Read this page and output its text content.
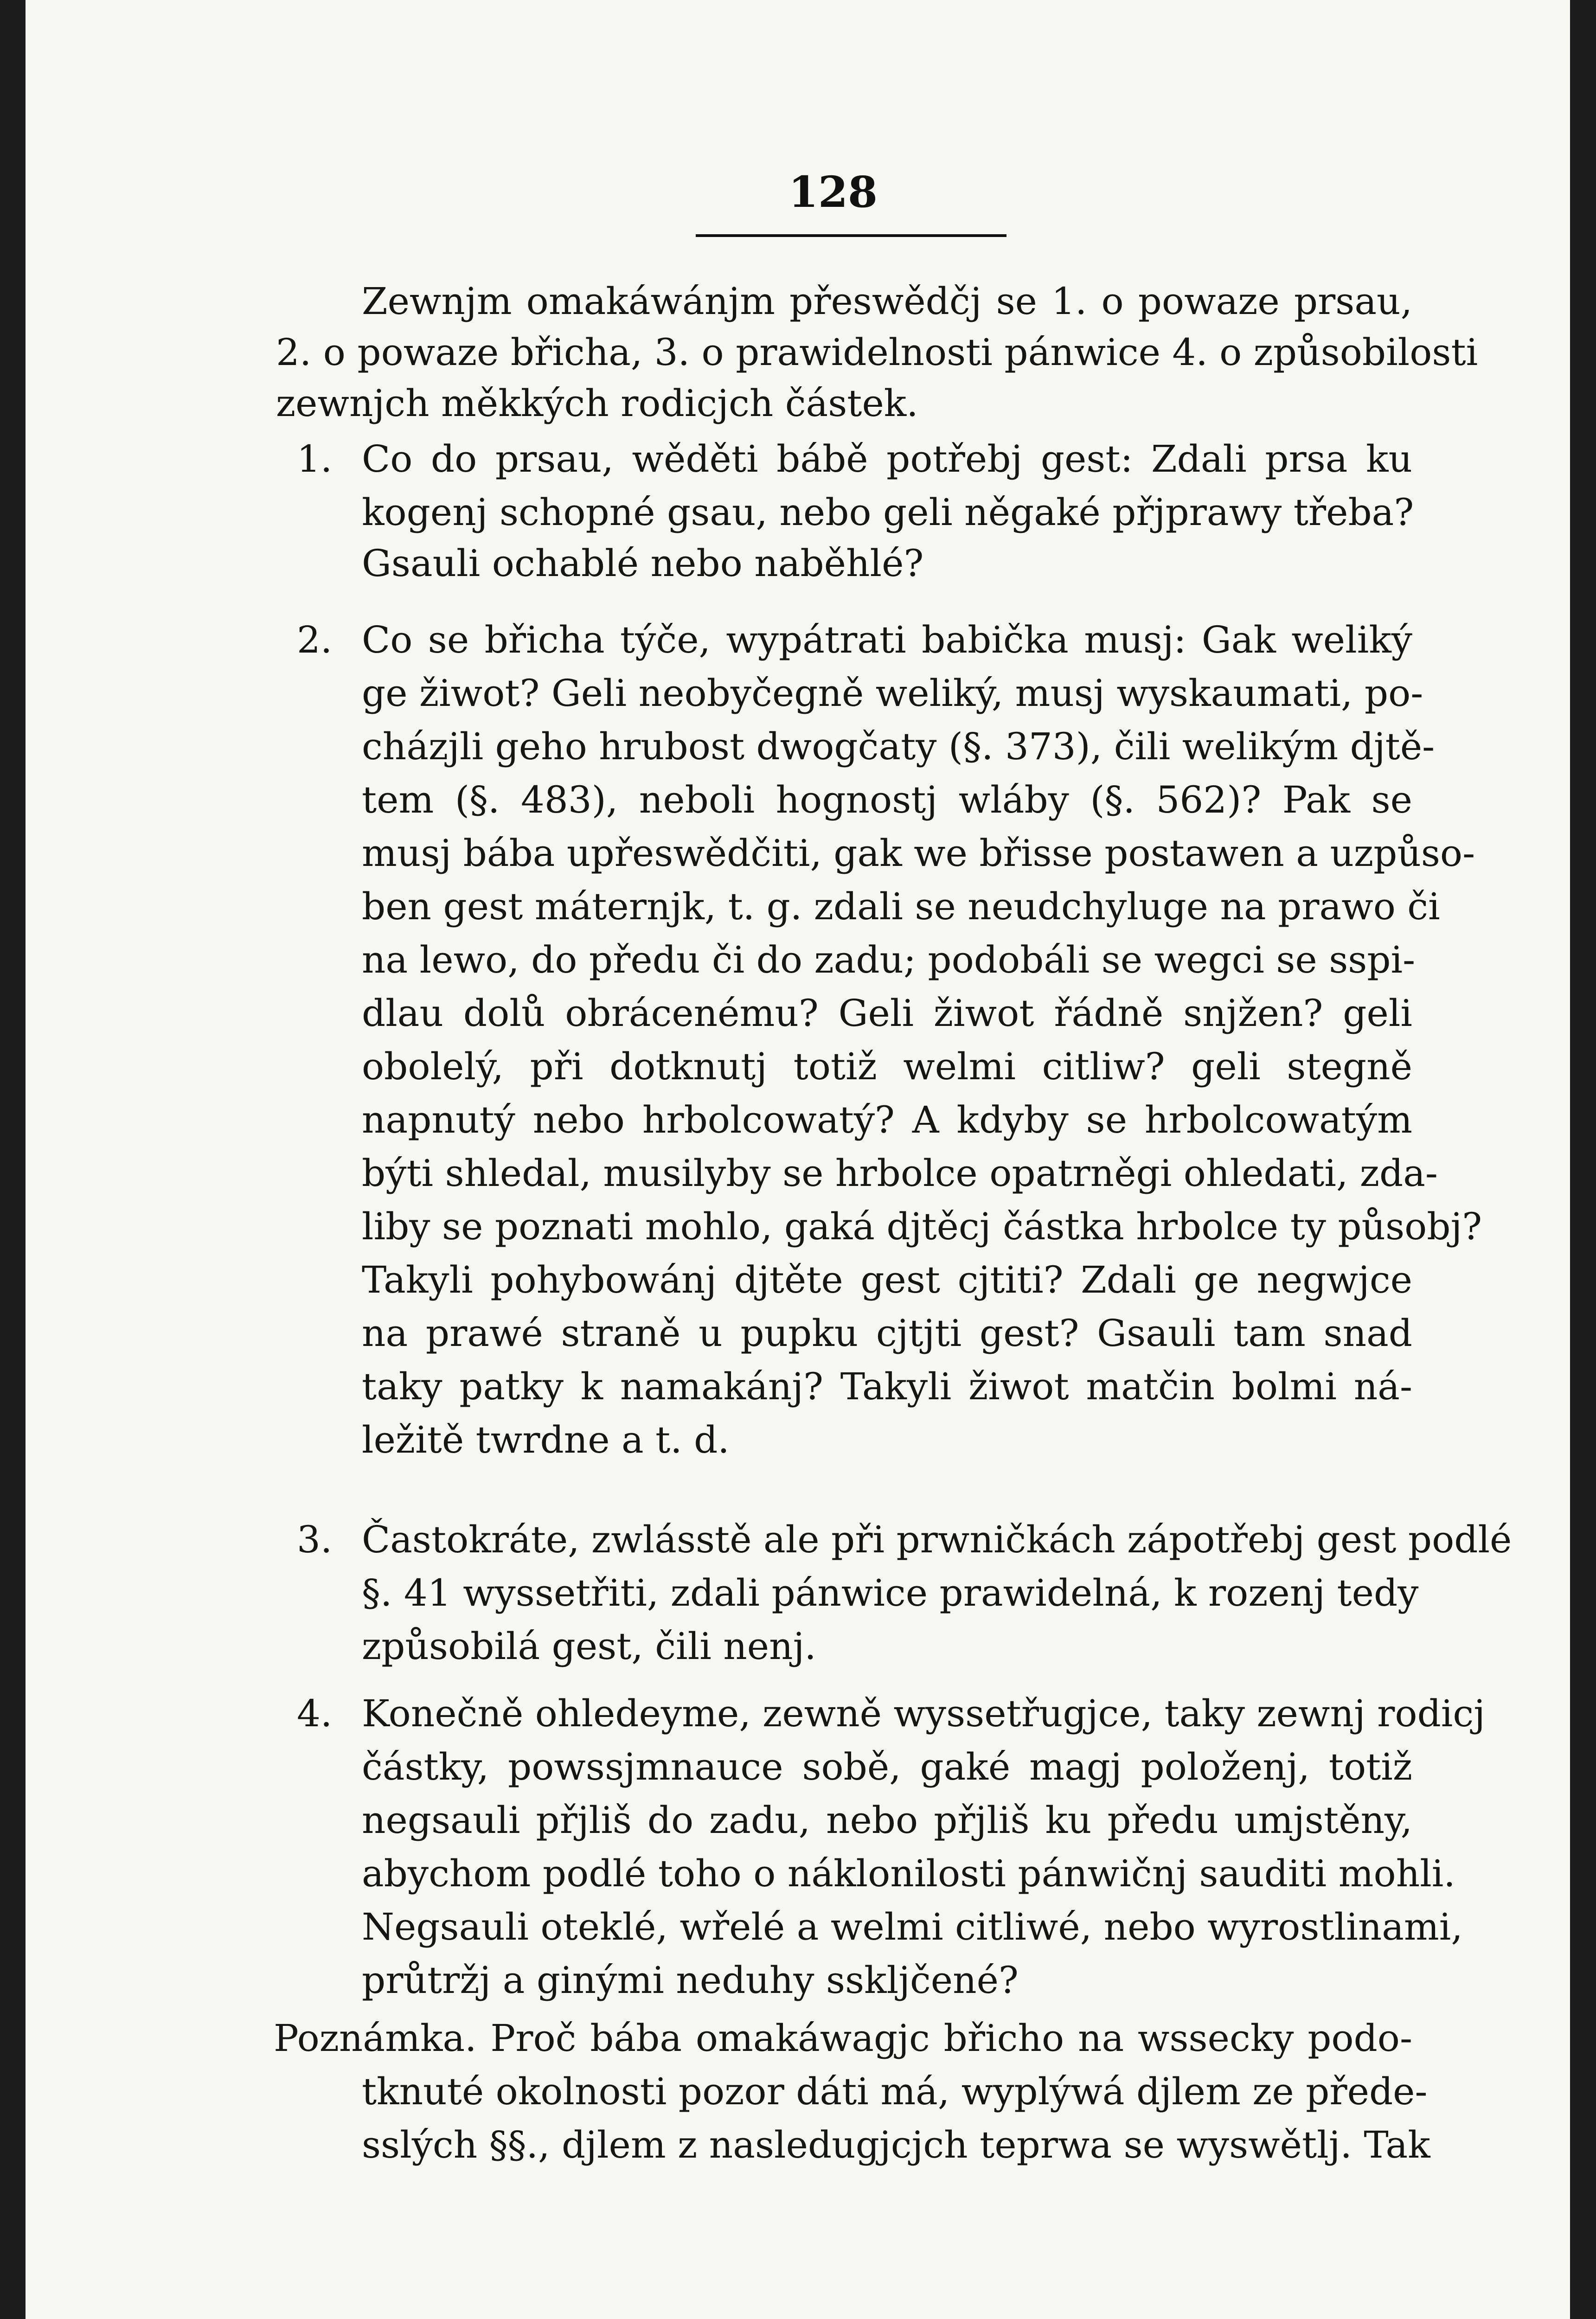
128
Zewnjm omakáwánjm přeswědčj se 1. o powaze prsau,
2. o powaze břicha, 3. o prawidelnosti pánwice 4. o způsobilosti
zewnjch měkkých rodicjch částek.
1. Co do prsau, wěděti bábě potřebj gest: Zdali prsa ku
kogenj schopné gsau, nebo geli něgaké přjprawy třeba?
Gsauli ochablé nebo naběhlé?
2. Co se břicha týče, wypátrati babička musj: Gak weliký
ge žiwot? Geli neobyčegně weliký, musj wyskaumati, po-
cházjli geho hrubost dwogčaty (§. 373), čili welikým djtě-
tem (§. 483), neboli hognostj wláby (§. 562)? Pak se
musj bába upřeswědčiti, gak we břisse postawen a uzpůso-
ben gest máternjk, t. g. zdali se neudchyluge na prawo či
na lewo, do předu či do zadu; podobáli se wegci se sspi-
dlau dolů obrácenému? Geli žiwot řádně snjžen? geli
obolelý, při dotknutj totiž welmi citliw? geli stegně
napnutý nebo hrbolcowatý? A kdyby se hrbolcowatým
býti shledal, musilyby se hrbolce opatrněgi ohledati, zda-
liby se poznati mohlo, gaká djtěcj částka hrbolce ty působj?
Takyli pohybowánj djtěte gest cjtiti? Zdali ge negwjce
na prawé straně u pupku cjtjti gest? Gsauli tam snad
taky patky k namakánj? Takyli žiwot matčin bolmi ná-
ležitě twrdne a t. d.
3. Častokráte, zwlásstě ale při prwničkách zápotřebj gest podlé
§. 41 wyssetřiti, zdali pánwice prawidelná, k rozenj tedy
způsobilá gest, čili nenj.
4. Konečně ohledeyme, zewně wyssetřugjce, taky zewnj rodicj
částky, powssjmnauce sobě, gaké magj položenj, totiž
negsauli přjliš do zadu, nebo přjliš ku předu umjstěny,
abychom podlé toho o náklonilosti pánwičnj sauditi mohli.
Negsauli oteklé, wřelé a welmi citliwé, nebo wyrostlinami,
průtržj a ginými neduhy sskljčené?
Poznámka. Proč bába omakáwagjc břicho na wssecky podo-
tknuté okolnosti pozor dáti má, wyplýwá djlem ze přede-
sslých §§., djlem z nasledugjcjch teprwa se wyswětlj. Tak
